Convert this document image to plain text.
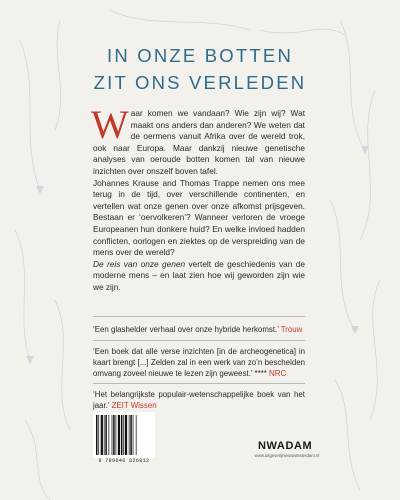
IN ONZE BOTTEN
ZIT ONS VERLEDEN

Waar komen we vandaan? Wie zijn wij? Wat maakt ons anders dan anderen? We weten dat de oermens vanuit Afrika over de wereld trok, ook naar Europa. Maar dankzij nieuwe genetische analyses van oeroude botten komen tal van nieuwe inzichten over onszelf boven tafel.

Johannes Krause and Thomas Trappe nemen ons mee terug in de tijd, over verschillende continenten, en vertellen wat onze genen over onze afkomst prijsgeven. Bestaan er ‘oervolkeren’? Wanneer verloren de vroege Europeanen hun donkere huid? En welke invloed hadden conflicten, oorlogen en ziektes op de verspreiding van de mens over de wereld?

De reis van onze genen vertelt de geschiedenis van de moderne mens – en laat zien hoe wij geworden zijn wie we zijn.

‘Een glashelder verhaal over onze hybride herkomst.’ Trouw
‘Een boek dat alle verse inzichten [in de archeogenetica] in kaart brengt [...] Zelden zal in een werk van zo’n bescheiden omvang zoveel nieuwe te lezen zijn geweest.’ **** NRC
‘Het belangrijkste populair-wetenschappelijke boek van het jaar.’ ZEIT Wissen
9 789046 826812
NWADAM
www.uitgeverijnieuwamsterdam.nl
